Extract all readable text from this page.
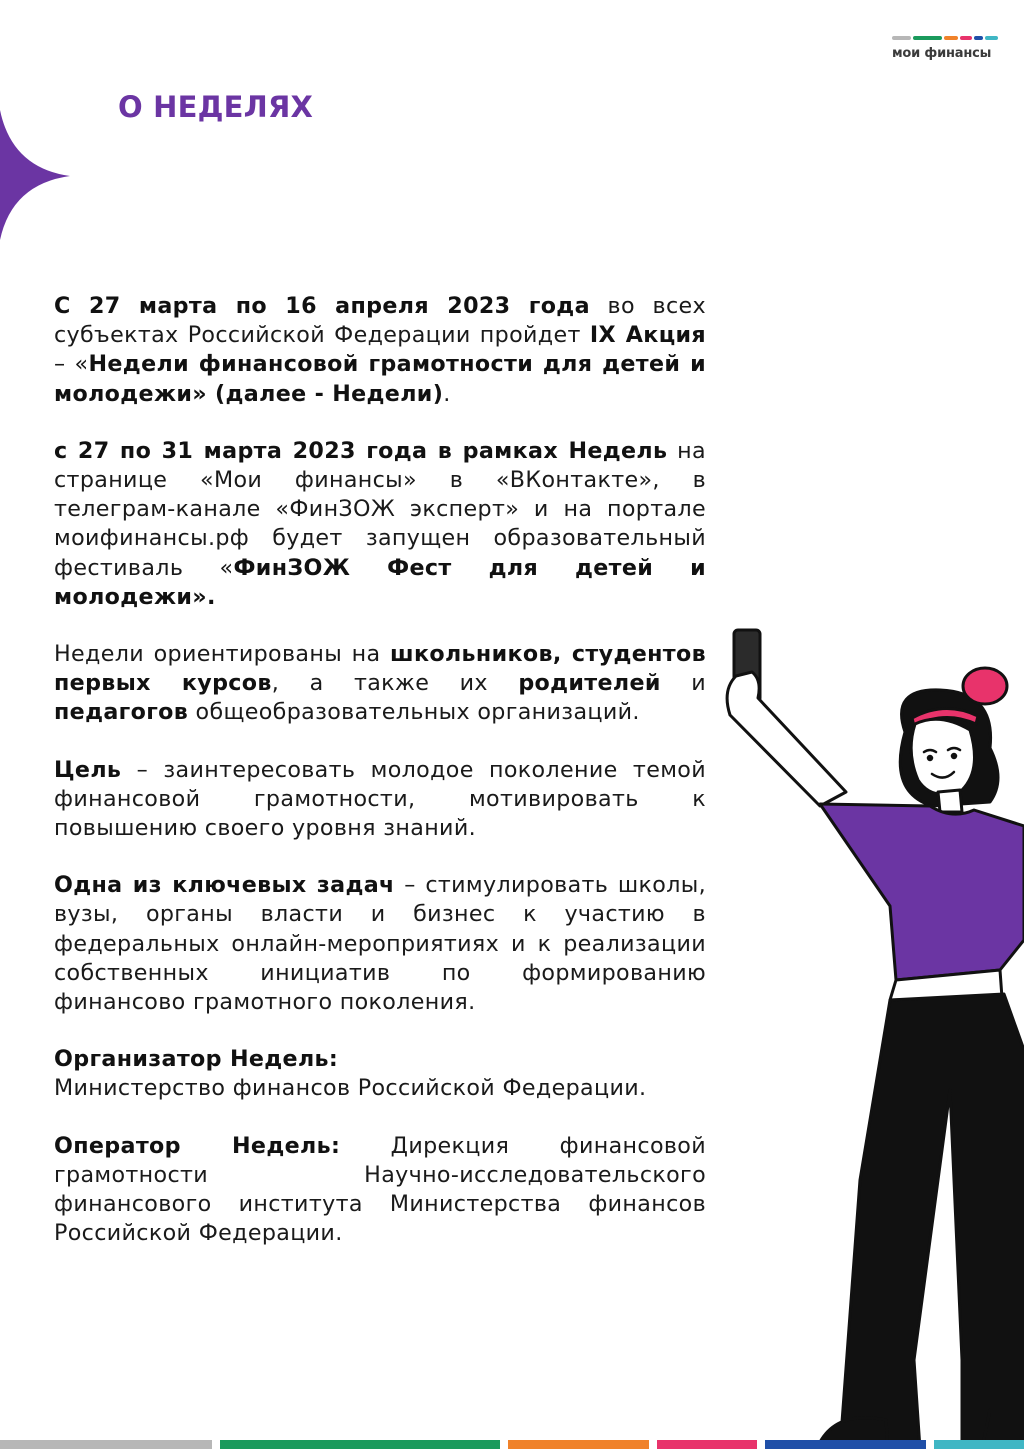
мои финансы
О НЕДЕЛЯХ

С 27 марта по 16 апреля 2023 года во всех субъектах Российской Федерации пройдет IX Акция – «Недели финансовой грамотности для детей и молодежи» (далее - Недели).

с 27 по 31 марта 2023 года в рамках Недель на странице «Мои финансы» в «ВКонтакте», в телеграм-канале «ФинЗОЖ эксперт» и на портале моифинансы.рф будет запущен образовательный фестиваль «ФинЗОЖ Фест для детей и молодежи».

Недели ориентированы на школьников, студентов первых курсов, а также их родителей и педагогов общеобразовательных организаций.

Цель – заинтересовать молодое поколение темой финансовой грамотности, мотивировать к повышению своего уровня знаний.

Одна из ключевых задач – стимулировать школы, вузы, органы власти и бизнес к участию в федеральных онлайн-мероприятиях и к реализации собственных инициатив по формированию финансово грамотного поколения.

Организатор Недель:
Министерство финансов Российской Федерации.

Оператор Недель: Дирекция финансовой грамотности Научно-исследовательского финансового института Министерства финансов Российской Федерации.
